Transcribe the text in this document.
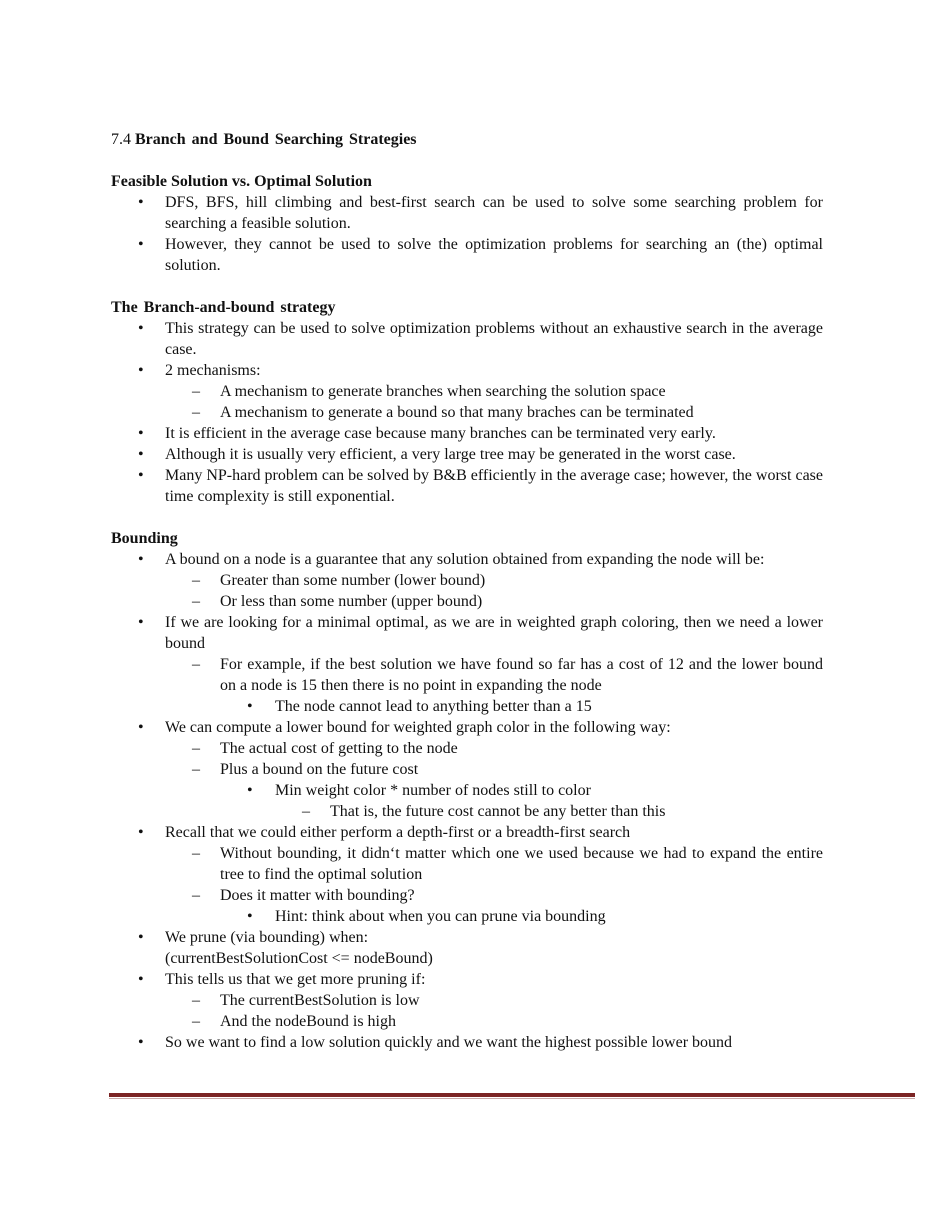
7.4 Branch and Bound Searching Strategies

Feasible Solution vs. Optimal Solution
• DFS, BFS, hill climbing and best-first search can be used to solve some searching problem for searching a feasible solution.
• However, they cannot be used to solve the optimization problems for searching an (the) optimal solution.
The Branch-and-bound strategy
• This strategy can be used to solve optimization problems without an exhaustive search in the average case.
• 2 mechanisms:
– A mechanism to generate branches when searching the solution space
– A mechanism to generate a bound so that many braches can be terminated
• It is efficient in the average case because many branches can be terminated very early.
• Although it is usually very efficient, a very large tree may be generated in the worst case.
• Many NP-hard problem can be solved by B&B efficiently in the average case; however, the worst case time complexity is still exponential.
Bounding
• A bound on a node is a guarantee that any solution obtained from expanding the node will be:
– Greater than some number (lower bound)
– Or less than some number (upper bound)
• If we are looking for a minimal optimal, as we are in weighted graph coloring, then we need a lower bound
– For example, if the best solution we have found so far has a cost of 12 and the lower bound on a node is 15 then there is no point in expanding the node
• The node cannot lead to anything better than a 15
• We can compute a lower bound for weighted graph color in the following way:
– The actual cost of getting to the node
– Plus a bound on the future cost
• Min weight color * number of nodes still to color
– That is, the future cost cannot be any better than this
• Recall that we could either perform a depth-first or a breadth-first search
– Without bounding, it didn‘t matter which one we used because we had to expand the entire tree to find the optimal solution
– Does it matter with bounding?
• Hint: think about when you can prune via bounding
• We prune (via bounding) when:
(currentBestSolutionCost <= nodeBound)
• This tells us that we get more pruning if:
– The currentBestSolution is low
– And the nodeBound is high
• So we want to find a low solution quickly and we want the highest possible lower bound
